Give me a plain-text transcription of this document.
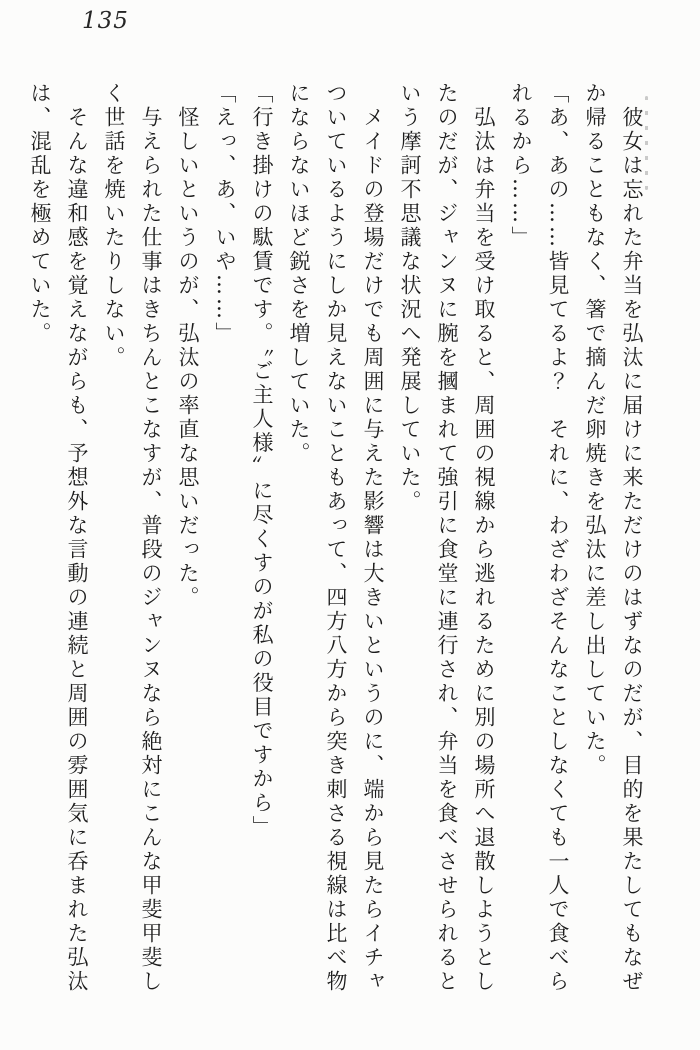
135

　彼女は忘れた弁当を弘汰に届けに来ただけのはずなのだが、目的を果たしてもなぜ

か帰ることもなく、箸で摘んだ卵焼きを弘汰に差し出していた。

「あ、あの……皆見てるよ？　それに、わざわざそんなことしなくても一人で食べら

れるから……」

　弘汰は弁当を受け取ると、周囲の視線から逃れるために別の場所へ退散しようとし

たのだが、ジャンヌに腕を摑まれて強引に食堂に連行され、弁当を食べさせられると

いう摩訶不思議な状況へ発展していた。

　メイドの登場だけでも周囲に与えた影響は大きいというのに、端から見たらイチャ

ついているようにしか見えないこともあって、四方八方から突き刺さる視線は比べ物

にならないほど鋭さを増していた。

「行き掛けの駄賃です。〝ご主人様〟に尽くすのが私の役目ですから」

「えっ、あ、いや……」

　怪しいというのが、弘汰の率直な思いだった。

　与えられた仕事はきちんとこなすが、普段のジャンヌなら絶対にこんな甲斐甲斐し

く世話を焼いたりしない。

　そんな違和感を覚えながらも、予想外な言動の連続と周囲の雰囲気に呑まれた弘汰

は、混乱を極めていた。
